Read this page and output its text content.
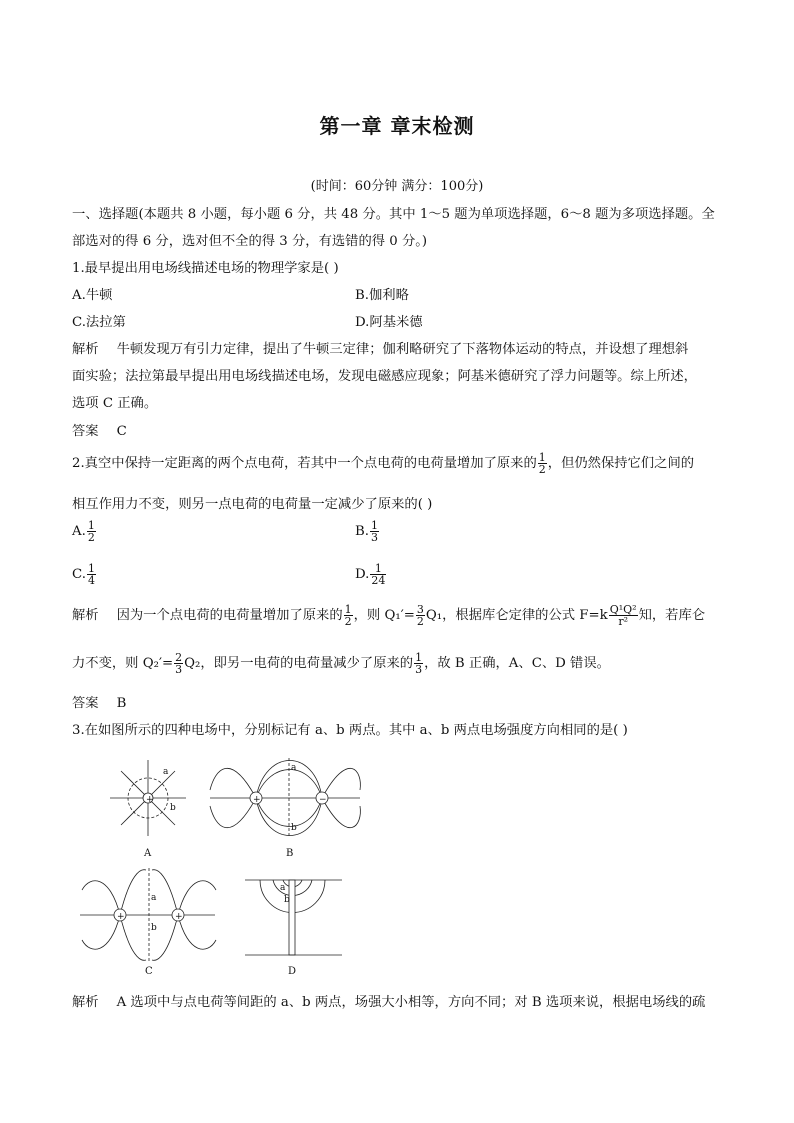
第一章 章末检测
(时间：60分钟 满分：100分)
一、选择题(本题共 8 小题，每小题 6 分，共 48 分。其中 1～5 题为单项选择题，6～8 题为多项选择题。全
部选对的得 6 分，选对但不全的得 3 分，有选错的得 0 分。)
1.最早提出用电场线描述电场的物理学家是( )
A.牛顿	B.伽利略
C.法拉第	D.阿基米德
解析 牛顿发现万有引力定律，提出了牛顿三定律；伽利略研究了下落物体运动的特点，并设想了理想斜
面实验；法拉第最早提出用电场线描述电场，发现电磁感应现象；阿基米德研究了浮力问题等。综上所述，
选项 C 正确。
答案 C
2.真空中保持一定距离的两个点电荷，若其中一个点电荷的电荷量增加了原来的 $\frac{1}{2}$ ，但仍然保持它们之间的
相互作用力不变，则另一点电荷的电荷量一定减少了原来的( )
A. $\frac{1}{2}$	B. $\frac{1}{3}$
C. $\frac{1}{4}$	D. $\frac{1}{24}$
解析 因为一个点电荷的电荷量增加了原来的 $\frac{1}{2}$ ，则 $Q_1'= \frac{3}{2} Q_1$，根据库仑定律的公式 $F=k \frac{\text{Q¹Q²}}{\text{r²}}$ 知，若库仑
力不变，则 $Q_2'= \frac{2}{3} Q_2$，即另一电荷的电荷量减少了原来的 $\frac{1}{3}$ ，故 B 正确，A、C、D 错误。
答案 B
3.在如图所示的四种电场中，分别标记有 a、b 两点。其中 a、b 两点电场强度方向相同的是( )
+
a
b
+	−
a
b
+	+
a
b
a
b
A	B
C	D
解析 A 选项中与点电荷等间距的 a、b 两点，场强大小相等，方向不同；对 B 选项来说，根据电场线的疏
